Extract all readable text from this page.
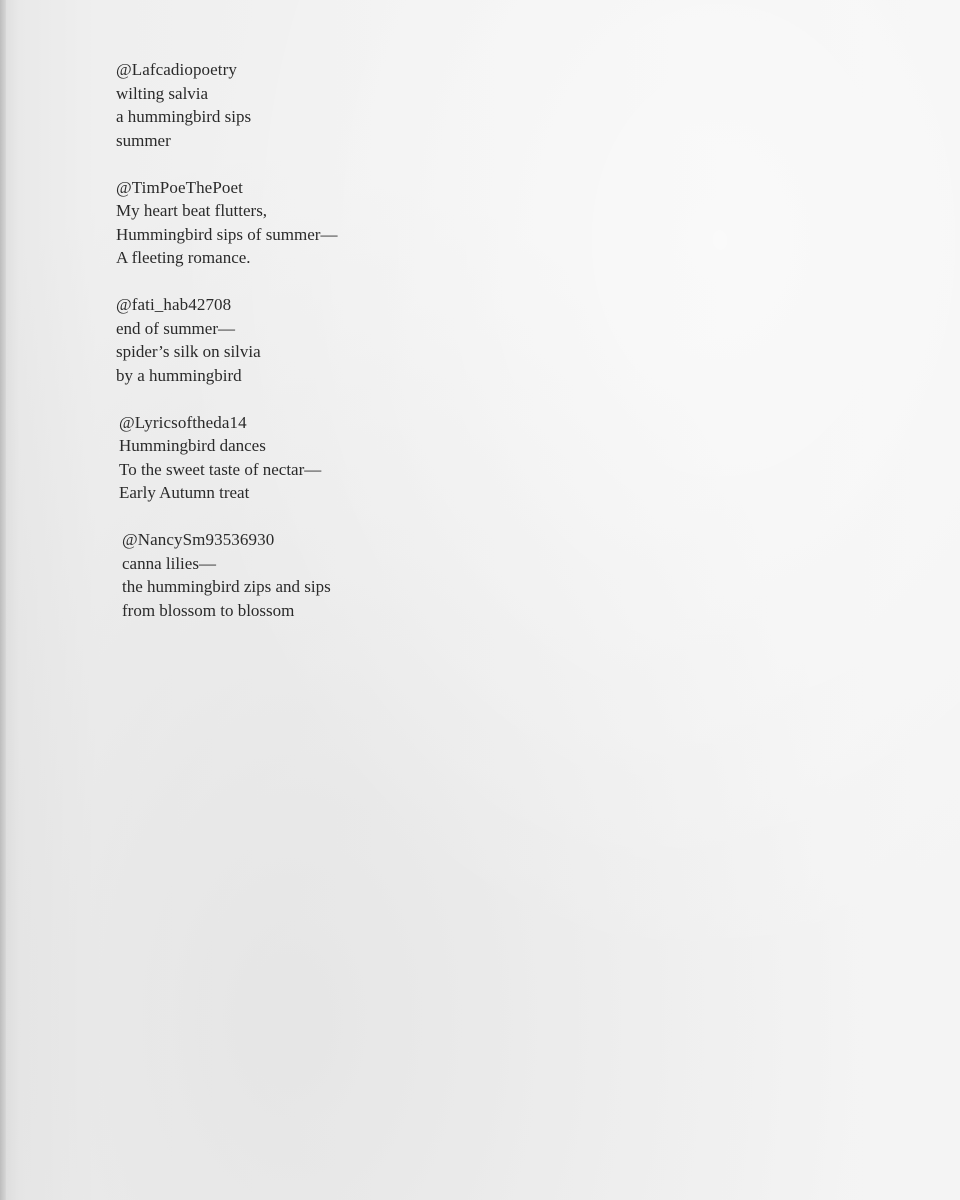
@Lafcadiopoetry
wilting salvia
a hummingbird sips
summer
@TimPoeThePoet
My heart beat flutters,
Hummingbird sips of summer—
A fleeting romance.
@fati_hab42708
end of summer—
spider’s silk on silvia
by a hummingbird
@Lyricsoftheda14
Hummingbird dances
To the sweet taste of nectar—
Early Autumn treat
@NancySm93536930
canna lilies—
the hummingbird zips and sips
from blossom to blossom
